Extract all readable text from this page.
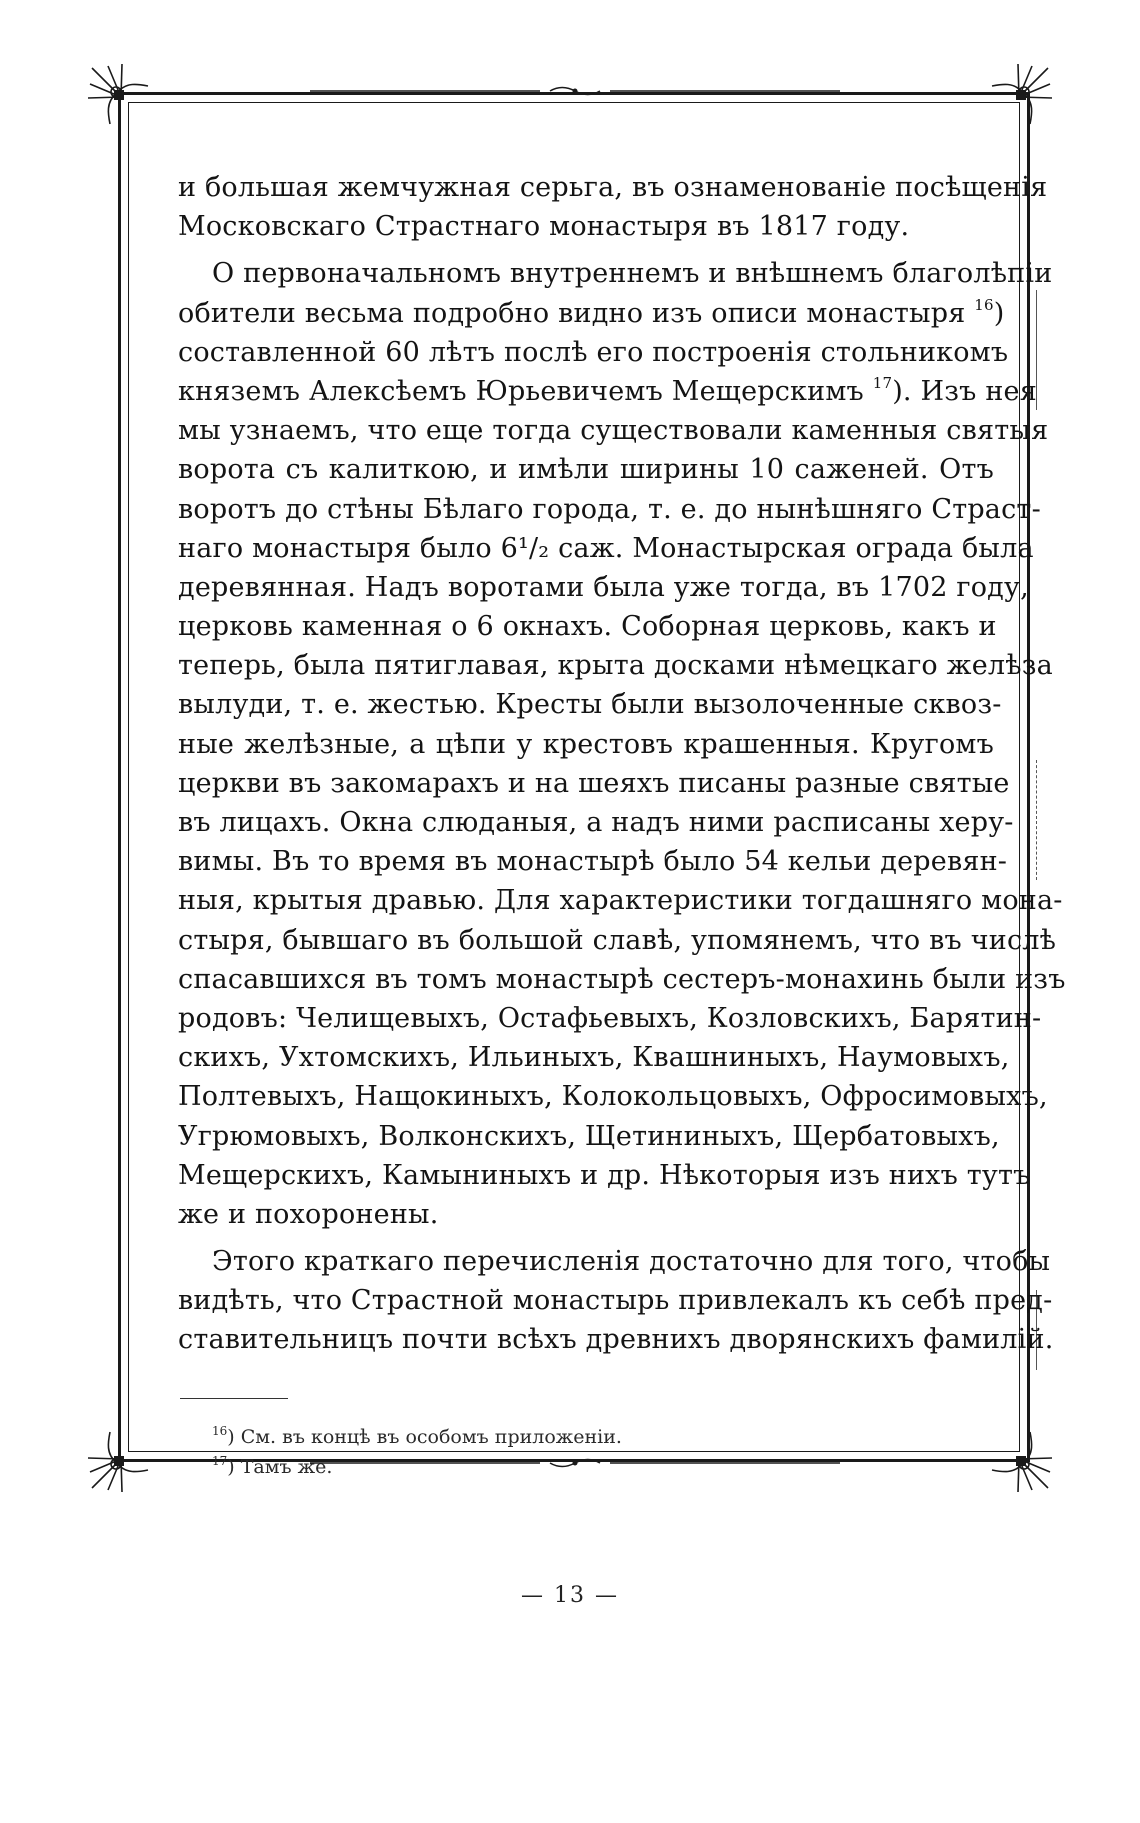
и большая жемчужная серьга, въ ознаменованіе посѣщенія
Московскаго Страстнаго монастыря въ 1817 году.
О первоначальномъ внутреннемъ и внѣшнемъ благолѣпіи
обители весьма подробно видно изъ описи монастыря $^{16}$)
составленной 60 лѣтъ послѣ его построенія стольникомъ
княземъ Алексѣемъ Юрьевичемъ Мещерскимъ $^{17}$). Изъ нея
мы узнаемъ, что еще тогда существовали каменныя святыя
ворота съ калиткою, и имѣли ширины 10 саженей. Отъ
воротъ до стѣны Бѣлаго города, т. е. до нынѣшняго Страст-
наго монастыря было 6¹/₂ саж. Монастырская ограда была
деревянная. Надъ воротами была уже тогда, въ 1702 году,
церковь каменная о 6 окнахъ. Соборная церковь, какъ и
теперь, была пятиглавая, крыта досками нѣмецкаго желѣза
вылуди, т. е. жестью. Кресты были вызолоченные сквоз-
ные желѣзные, а цѣпи у крестовъ крашенныя. Кругомъ
церкви въ закомарахъ и на шеяхъ писаны разные святые
въ лицахъ. Окна слюданыя, а надъ ними расписаны херу-
вимы. Въ то время въ монастырѣ было 54 кельи деревян-
ныя, крытыя дравью. Для характеристики тогдашняго мона-
стыря, бывшаго въ большой славѣ, упомянемъ, что въ числѣ
спасавшихся въ томъ монастырѣ сестеръ-монахинь были изъ
родовъ: Челищевыхъ, Остафьевыхъ, Козловскихъ, Барятин-
скихъ, Ухтомскихъ, Ильиныхъ, Квашниныхъ, Наумовыхъ,
Полтевыхъ, Нащокиныхъ, Колокольцовыхъ, Офросимовыхъ,
Угрюмовыхъ, Волконскихъ, Щетининыхъ, Щербатовыхъ,
Мещерскихъ, Камыниныхъ и др. Нѣкоторыя изъ нихъ тутъ
же и похоронены.
Этого краткаго перечисленія достаточно для того, чтобы
видѣть, что Страстной монастырь привлекалъ къ себѣ пред-
ставительницъ почти всѣхъ древнихъ дворянскихъ фамилій.
$^{16}$) См. въ концѣ въ особомъ приложеніи.
$^{17}$) Тамъ же.
— 13 —
